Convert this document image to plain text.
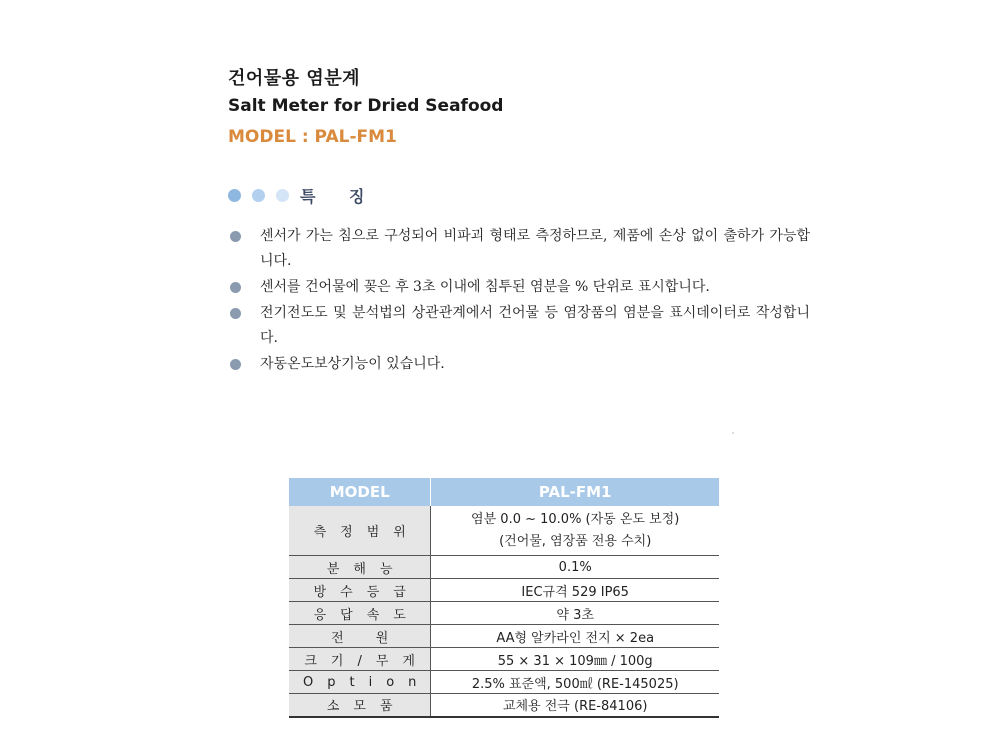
건어물용 염분계
Salt Meter for Dried Seafood
MODEL : PAL-FM1
특 징
센서가 가는 침으로 구성되어 비파괴 형태로 측정하므로, 제품에 손상 없이 출하가 가능합니다.
센서를 건어물에 꽂은 후 3초 이내에 침투된 염분을 % 단위로 표시합니다.
전기전도도 및 분석법의 상관관계에서 건어물 등 염장품의 염분을 표시데이터로 작성합니다.
자동온도보상기능이 있습니다.
MODEL	PAL-FM1
측정범위	염분 0.0 ~ 10.0% (자동 온도 보정)
(건어물, 염장품 전용 수치)

분해능	0.1%
방수등급	IEC규격 529 IP65
응답속도	약 3초
전 원	AA형 알카라인 전지 × 2ea
크기/무게	55 × 31 × 109㎜ / 100g
Option	2.5% 표준액, 500㎖ (RE-145025)
소모품	교체용 전극 (RE-84106)
